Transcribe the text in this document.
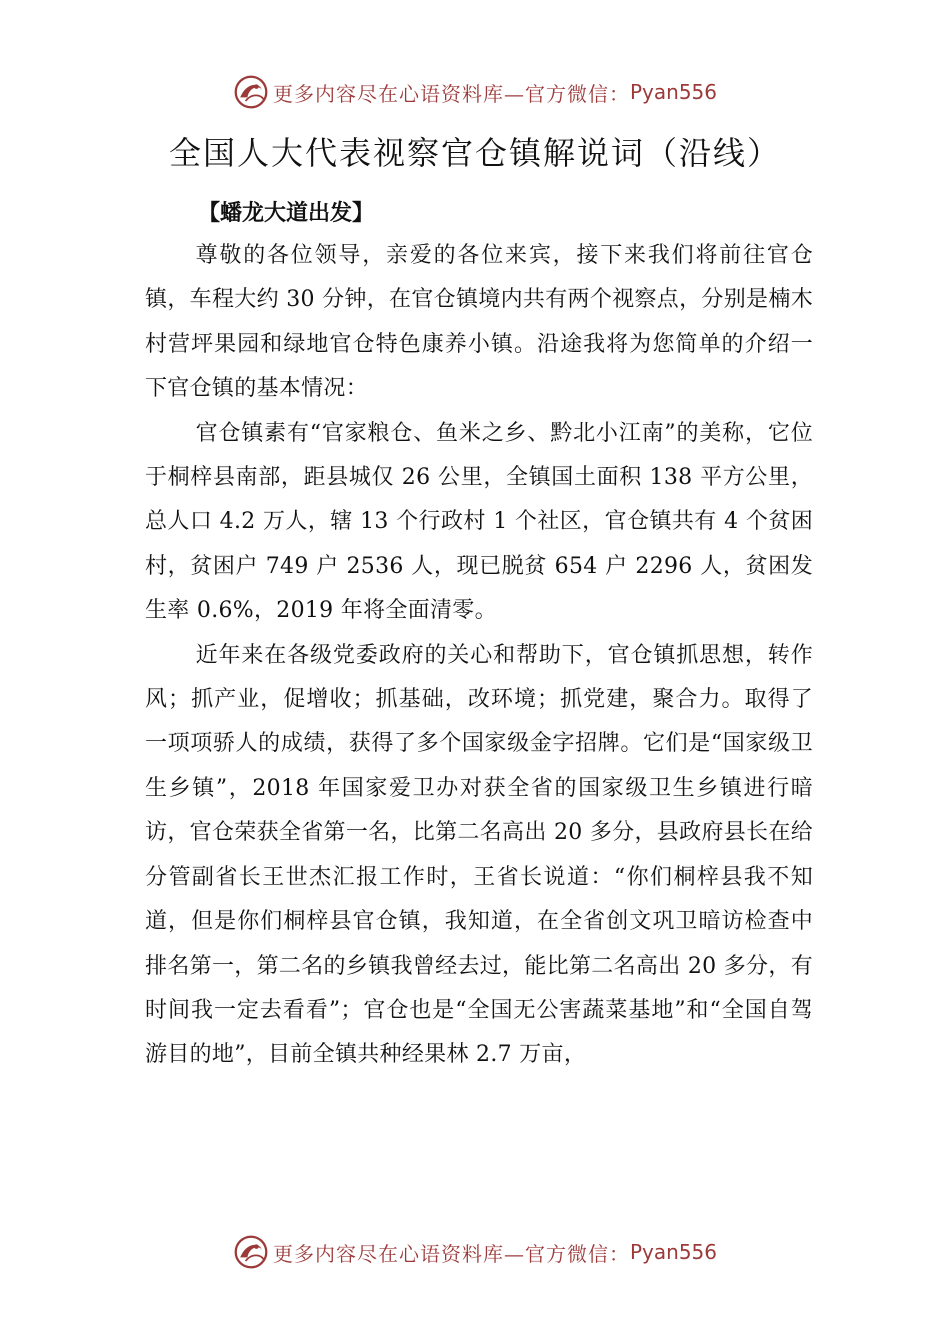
更多内容尽在心语资料库—官方微信： Pyan556
全国人大代表视察官仓镇解说词（沿线）
【蟠龙大道出发】

尊敬的各位领导，亲爱的各位来宾，接下来我们将前往官仓镇，车程大约 30 分钟，在官仓镇境内共有两个视察点，分别是楠木村营坪果园和绿地官仓特色康养小镇。沿途我将为您简单的介绍一下官仓镇的基本情况：

官仓镇素有“官家粮仓、鱼米之乡、黔北小江南”的美称，它位于桐梓县南部，距县城仅 26 公里，全镇国土面积 138 平方公里，总人口 4.2 万人，辖 13 个行政村 1 个社区，官仓镇共有 4 个贫困村，贫困户 749 户 2536 人，现已脱贫 654 户 2296 人，贫困发生率 0.6%，2019 年将全面清零。

近年来在各级党委政府的关心和帮助下，官仓镇抓思想，转作风；抓产业，促增收；抓基础，改环境；抓党建，聚合力。取得了一项项骄人的成绩，获得了多个国家级金字招牌。它们是“国家级卫生乡镇”，2018 年国家爱卫办对获全省的国家级卫生乡镇进行暗访，官仓荣获全省第一名，比第二名高出 20 多分，县政府县长在给分管副省长王世杰汇报工作时，王省长说道：“你们桐梓县我不知道，但是你们桐梓县官仓镇，我知道，在全省创文巩卫暗访检查中排名第一，第二名的乡镇我曾经去过，能比第二名高出 20 多分，有时间我一定去看看”；官仓也是“全国无公害蔬菜基地”和“全国自驾游目的地”，目前全镇共种经果林 2.7 万亩，

更多内容尽在心语资料库—官方微信： Pyan556
